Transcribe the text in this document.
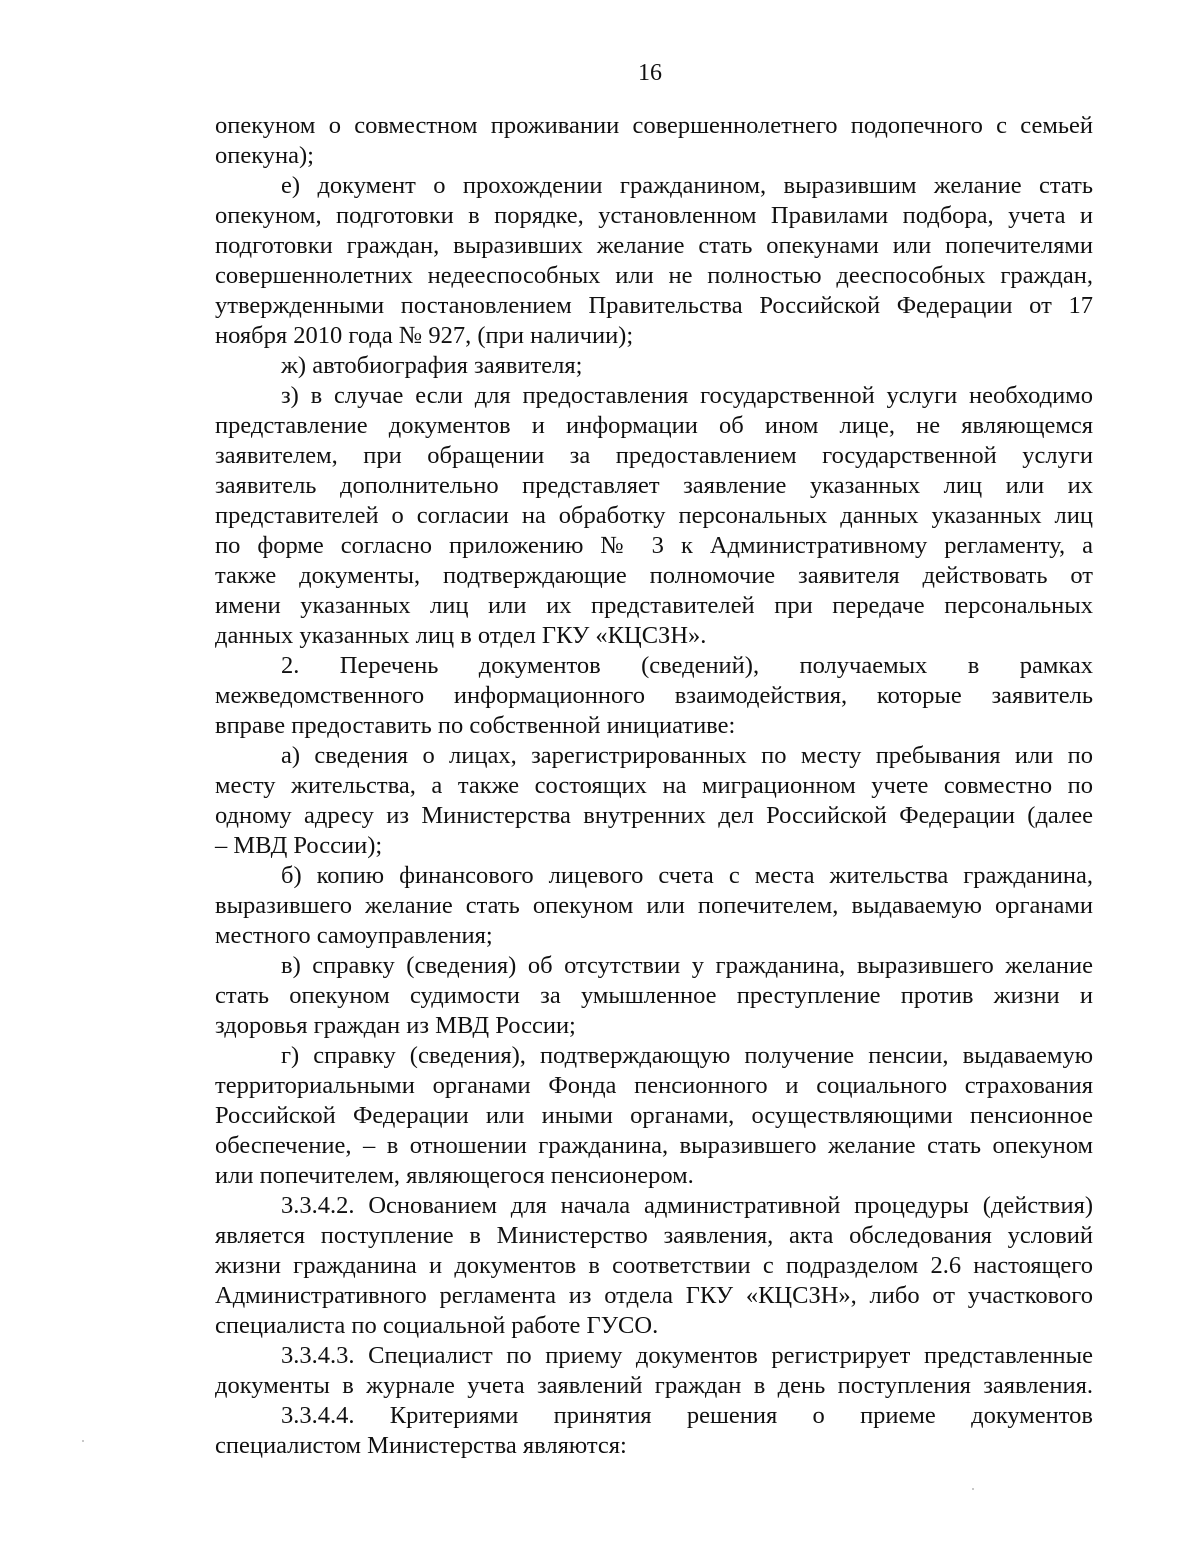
16
опекуном о совместном проживании совершеннолетнего подопечного с семьей
опекуна);
е) документ о прохождении гражданином, выразившим желание стать
опекуном, подготовки в порядке, установленном Правилами подбора, учета и
подготовки граждан, выразивших желание стать опекунами или попечителями
совершеннолетних недееспособных или не полностью дееспособных граждан,
утвержденными постановлением Правительства Российской Федерации от 17
ноября 2010 года № 927, (при наличии);
ж) автобиография заявителя;
з) в случае если для предоставления государственной услуги необходимо
представление документов и информации об ином лице, не являющемся
заявителем, при обращении за предоставлением государственной услуги
заявитель дополнительно представляет заявление указанных лиц или их
представителей о согласии на обработку персональных данных указанных лиц
по форме согласно приложению № 3 к Административному регламенту, а
также документы, подтверждающие полномочие заявителя действовать от
имени указанных лиц или их представителей при передаче персональных
данных указанных лиц в отдел ГКУ «КЦСЗН».
2. Перечень документов (сведений), получаемых в рамках
межведомственного информационного взаимодействия, которые заявитель
вправе предоставить по собственной инициативе:
а) сведения о лицах, зарегистрированных по месту пребывания или по
месту жительства, а также состоящих на миграционном учете совместно по
одному адресу из Министерства внутренних дел Российской Федерации (далее
– МВД России);
б) копию финансового лицевого счета с места жительства гражданина,
выразившего желание стать опекуном или попечителем, выдаваемую органами
местного самоуправления;
в) справку (сведения) об отсутствии у гражданина, выразившего желание
стать опекуном судимости за умышленное преступление против жизни и
здоровья граждан из МВД России;
г) справку (сведения), подтверждающую получение пенсии, выдаваемую
территориальными органами Фонда пенсионного и социального страхования
Российской Федерации или иными органами, осуществляющими пенсионное
обеспечение, – в отношении гражданина, выразившего желание стать опекуном
или попечителем, являющегося пенсионером.
3.3.4.2. Основанием для начала административной процедуры (действия)
является поступление в Министерство заявления, акта обследования условий
жизни гражданина и документов в соответствии с подразделом 2.6 настоящего
Административного регламента из отдела ГКУ «КЦСЗН», либо от участкового
специалиста по социальной работе ГУСО.
3.3.4.3. Специалист по приему документов регистрирует представленные
документы в журнале учета заявлений граждан в день поступления заявления.
3.3.4.4. Критериями принятия решения о приеме документов
специалистом Министерства являются:
